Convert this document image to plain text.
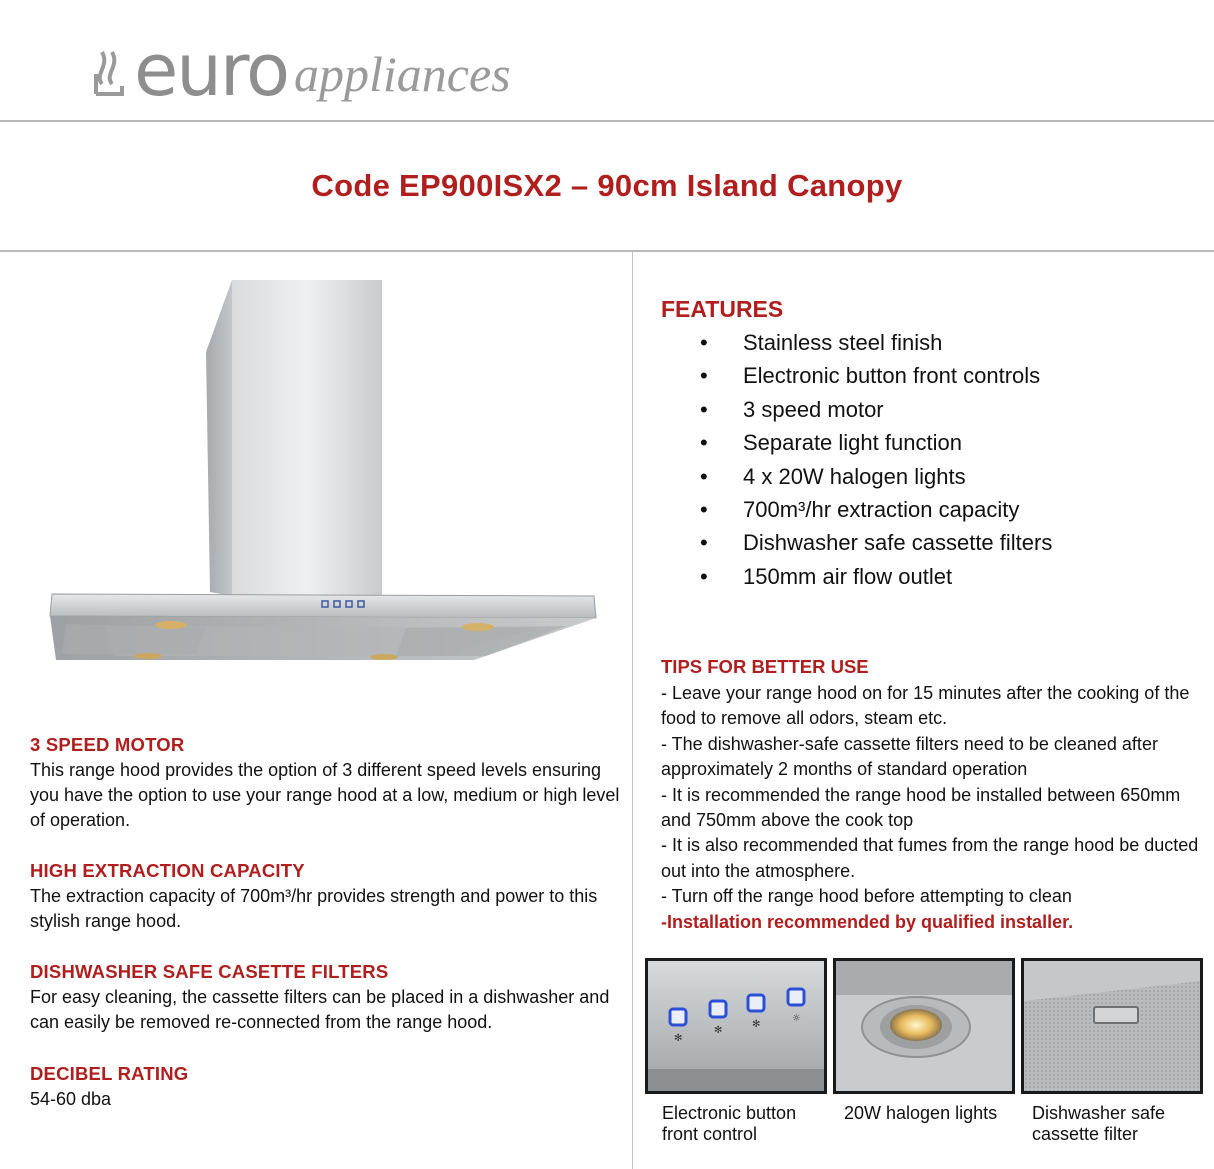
euro appliances
Code EP900ISX2 – 90cm Island Canopy
3 SPEED MOTOR

This range hood provides the option of 3 different speed levels ensuring you have the option to use your range hood at a low, medium or high level of operation.

HIGH EXTRACTION CAPACITY

The extraction capacity of 700m³/hr provides strength and power to this stylish range hood.

DISHWASHER SAFE CASETTE FILTERS

For easy cleaning, the cassette filters can be placed in a dishwasher and can easily be removed re-connected from the range hood.

DECIBEL RATING

54-60 dba

FEATURES
• Stainless steel finish
• Electronic button front controls
• 3 speed motor
• Separate light function
• 4 x 20W halogen lights
• 700m³/hr extraction capacity
• Dishwasher safe cassette filters
• 150mm air flow outlet
TIPS FOR BETTER USE
- Leave your range hood on for 15 minutes after the cooking of the food to remove all odors, steam etc.
- The dishwasher-safe cassette filters need to be cleaned after approximately 2 months of standard operation
- It is recommended the range hood be installed between 650mm and 750mm above the cook top
- It is also recommended that fumes from the range hood be ducted out into the atmosphere.
- Turn off the range hood before attempting to clean
-Installation recommended by qualified installer.
✻
✻
✻
☼
Electronic button front control
20W halogen lights	Dishwasher safe cassette filter
